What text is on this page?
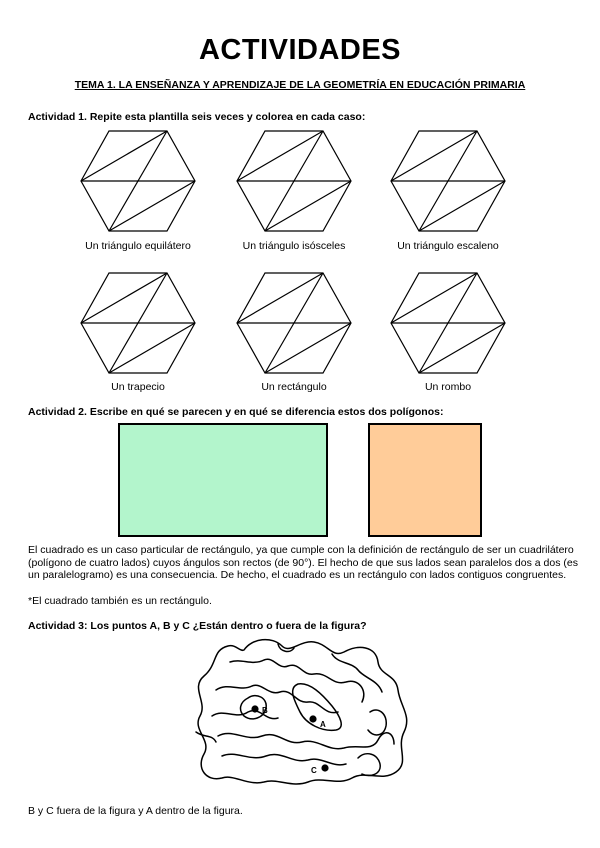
ACTIVIDADES
TEMA 1. LA ENSEÑANZA Y APRENDIZAJE DE LA GEOMETRÍA EN EDUCACIÓN PRIMARIA
Actividad 1. Repite esta plantilla seis veces y colorea en cada caso:
Un triángulo equilátero	Un triángulo isósceles	Un triángulo escaleno
Un trapecio	Un rectángulo	Un rombo
Actividad 2. Escribe en qué se parecen y en qué se diferencia estos dos polígonos:
El cuadrado es un caso particular de rectángulo, ya que cumple con la definición de rectángulo de ser un cuadrilátero (polígono de cuatro lados) cuyos ángulos son rectos (de 90°). El hecho de que sus lados sean paralelos dos a dos (es un paralelogramo) es una consecuencia. De hecho, el cuadrado es un rectángulo con lados contiguos congruentes.
*El cuadrado también es un rectángulo.
Actividad 3: Los puntos A, B y C ¿Están dentro o fuera de la figura?
B
A
C
B y C fuera de la figura y A dentro de la figura.
